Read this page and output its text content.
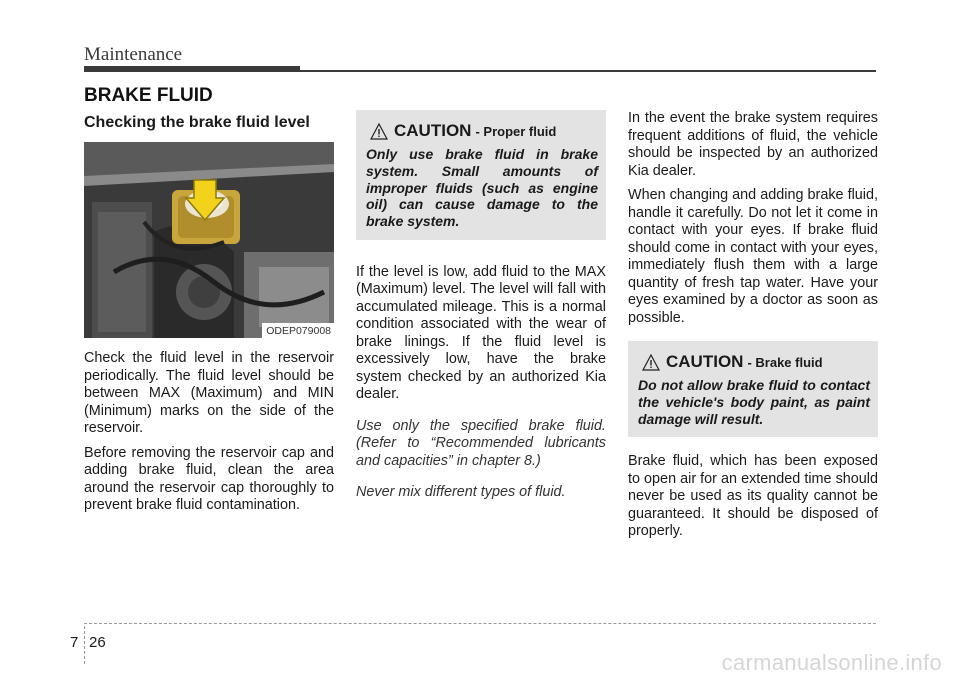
Maintenance
BRAKE FLUID
Checking the brake fluid level
ODEP079008

Check the fluid level in the reservoir periodically. The fluid level should be between MAX (Maximum) and MIN (Minimum) marks on the side of the reservoir.

Before removing the reservoir cap and adding brake fluid, clean the area around the reservoir cap thoroughly to prevent brake fluid contamination.

CAUTION - Proper fluid

Only use brake fluid in brake system. Small amounts of improper fluids (such as engine oil) can cause damage to the brake system.

If the level is low, add fluid to the MAX (Maximum) level. The level will fall with accumulated mileage. This is a normal condition associated with the wear of brake linings. If the fluid level is excessively low, have the brake system checked by an authorized Kia dealer.

Use only the specified brake fluid. (Refer to “Recommended lubricants and capacities” in chapter 8.)

Never mix different types of fluid.

In the event the brake system requires frequent additions of fluid, the vehicle should be inspected by an authorized Kia dealer.

When changing and adding brake fluid, handle it carefully. Do not let it come in contact with your eyes. If brake fluid should come in contact with your eyes, immediately flush them with a large quantity of fresh tap water. Have your eyes examined by a doctor as soon as possible.

CAUTION - Brake fluid

Do not allow brake fluid to contact the vehicle's body paint, as paint damage will result.

Brake fluid, which has been exposed to open air for an extended time should never be used as its quality cannot be guaranteed. It should be disposed of properly.

7 26
carmanualsonline.info
